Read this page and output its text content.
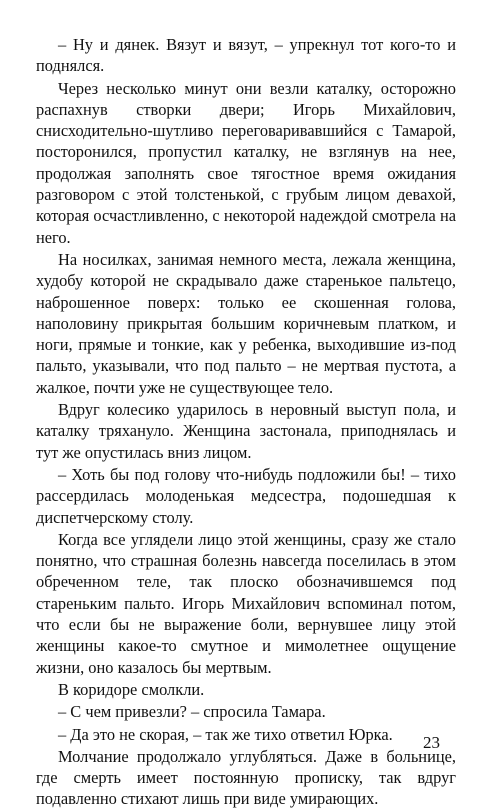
– Ну и дянек. Вязут и вязут, – упрекнул тот кого-то и поднялся.

Через несколько минут они везли каталку, осторожно распахнув створки двери; Игорь Михайлович, снисходительно-шутливо переговаривавшийся с Тамарой, посторонился, пропустил каталку, не взглянув на нее, продолжая заполнять свое тягостное время ожидания разговором с этой толстенькой, с грубым лицом девахой, которая осчастливленно, с некоторой надеждой смотрела на него.

На носилках, занимая немного места, лежала женщина, худобу которой не скрадывало даже старенькое пальтецо, наброшенное поверх: только ее скошенная голова, наполовину прикрытая большим коричневым платком, и ноги, прямые и тонкие, как у ребенка, выходившие из-под пальто, указывали, что под пальто – не мертвая пустота, а жалкое, почти уже не существующее тело.

Вдруг колесико ударилось в неровный выступ пола, и каталку тряхануло. Женщина застонала, приподнялась и тут же опустилась вниз лицом.

– Хоть бы под голову что-нибудь подложили бы! – тихо рассердилась молоденькая медсестра, подошедшая к диспетчерскому столу.

Когда все углядели лицо этой женщины, сразу же стало понятно, что страшная болезнь навсегда поселилась в этом обреченном теле, так плоско обозначившемся под стареньким пальто. Игорь Михайлович вспоминал потом, что если бы не выражение боли, вернувшее лицу этой женщины какое-то смутное и мимолетнее ощущение жизни, оно казалось бы мертвым.

В коридоре смолкли.

– С чем привезли? – спросила Тамара.

– Да это не скорая, – так же тихо ответил Юрка.

Молчание продолжало углубляться. Даже в больнице, где смерть имеет постоянную прописку, так вдруг подавленно стихают лишь при виде умирающих.

23
